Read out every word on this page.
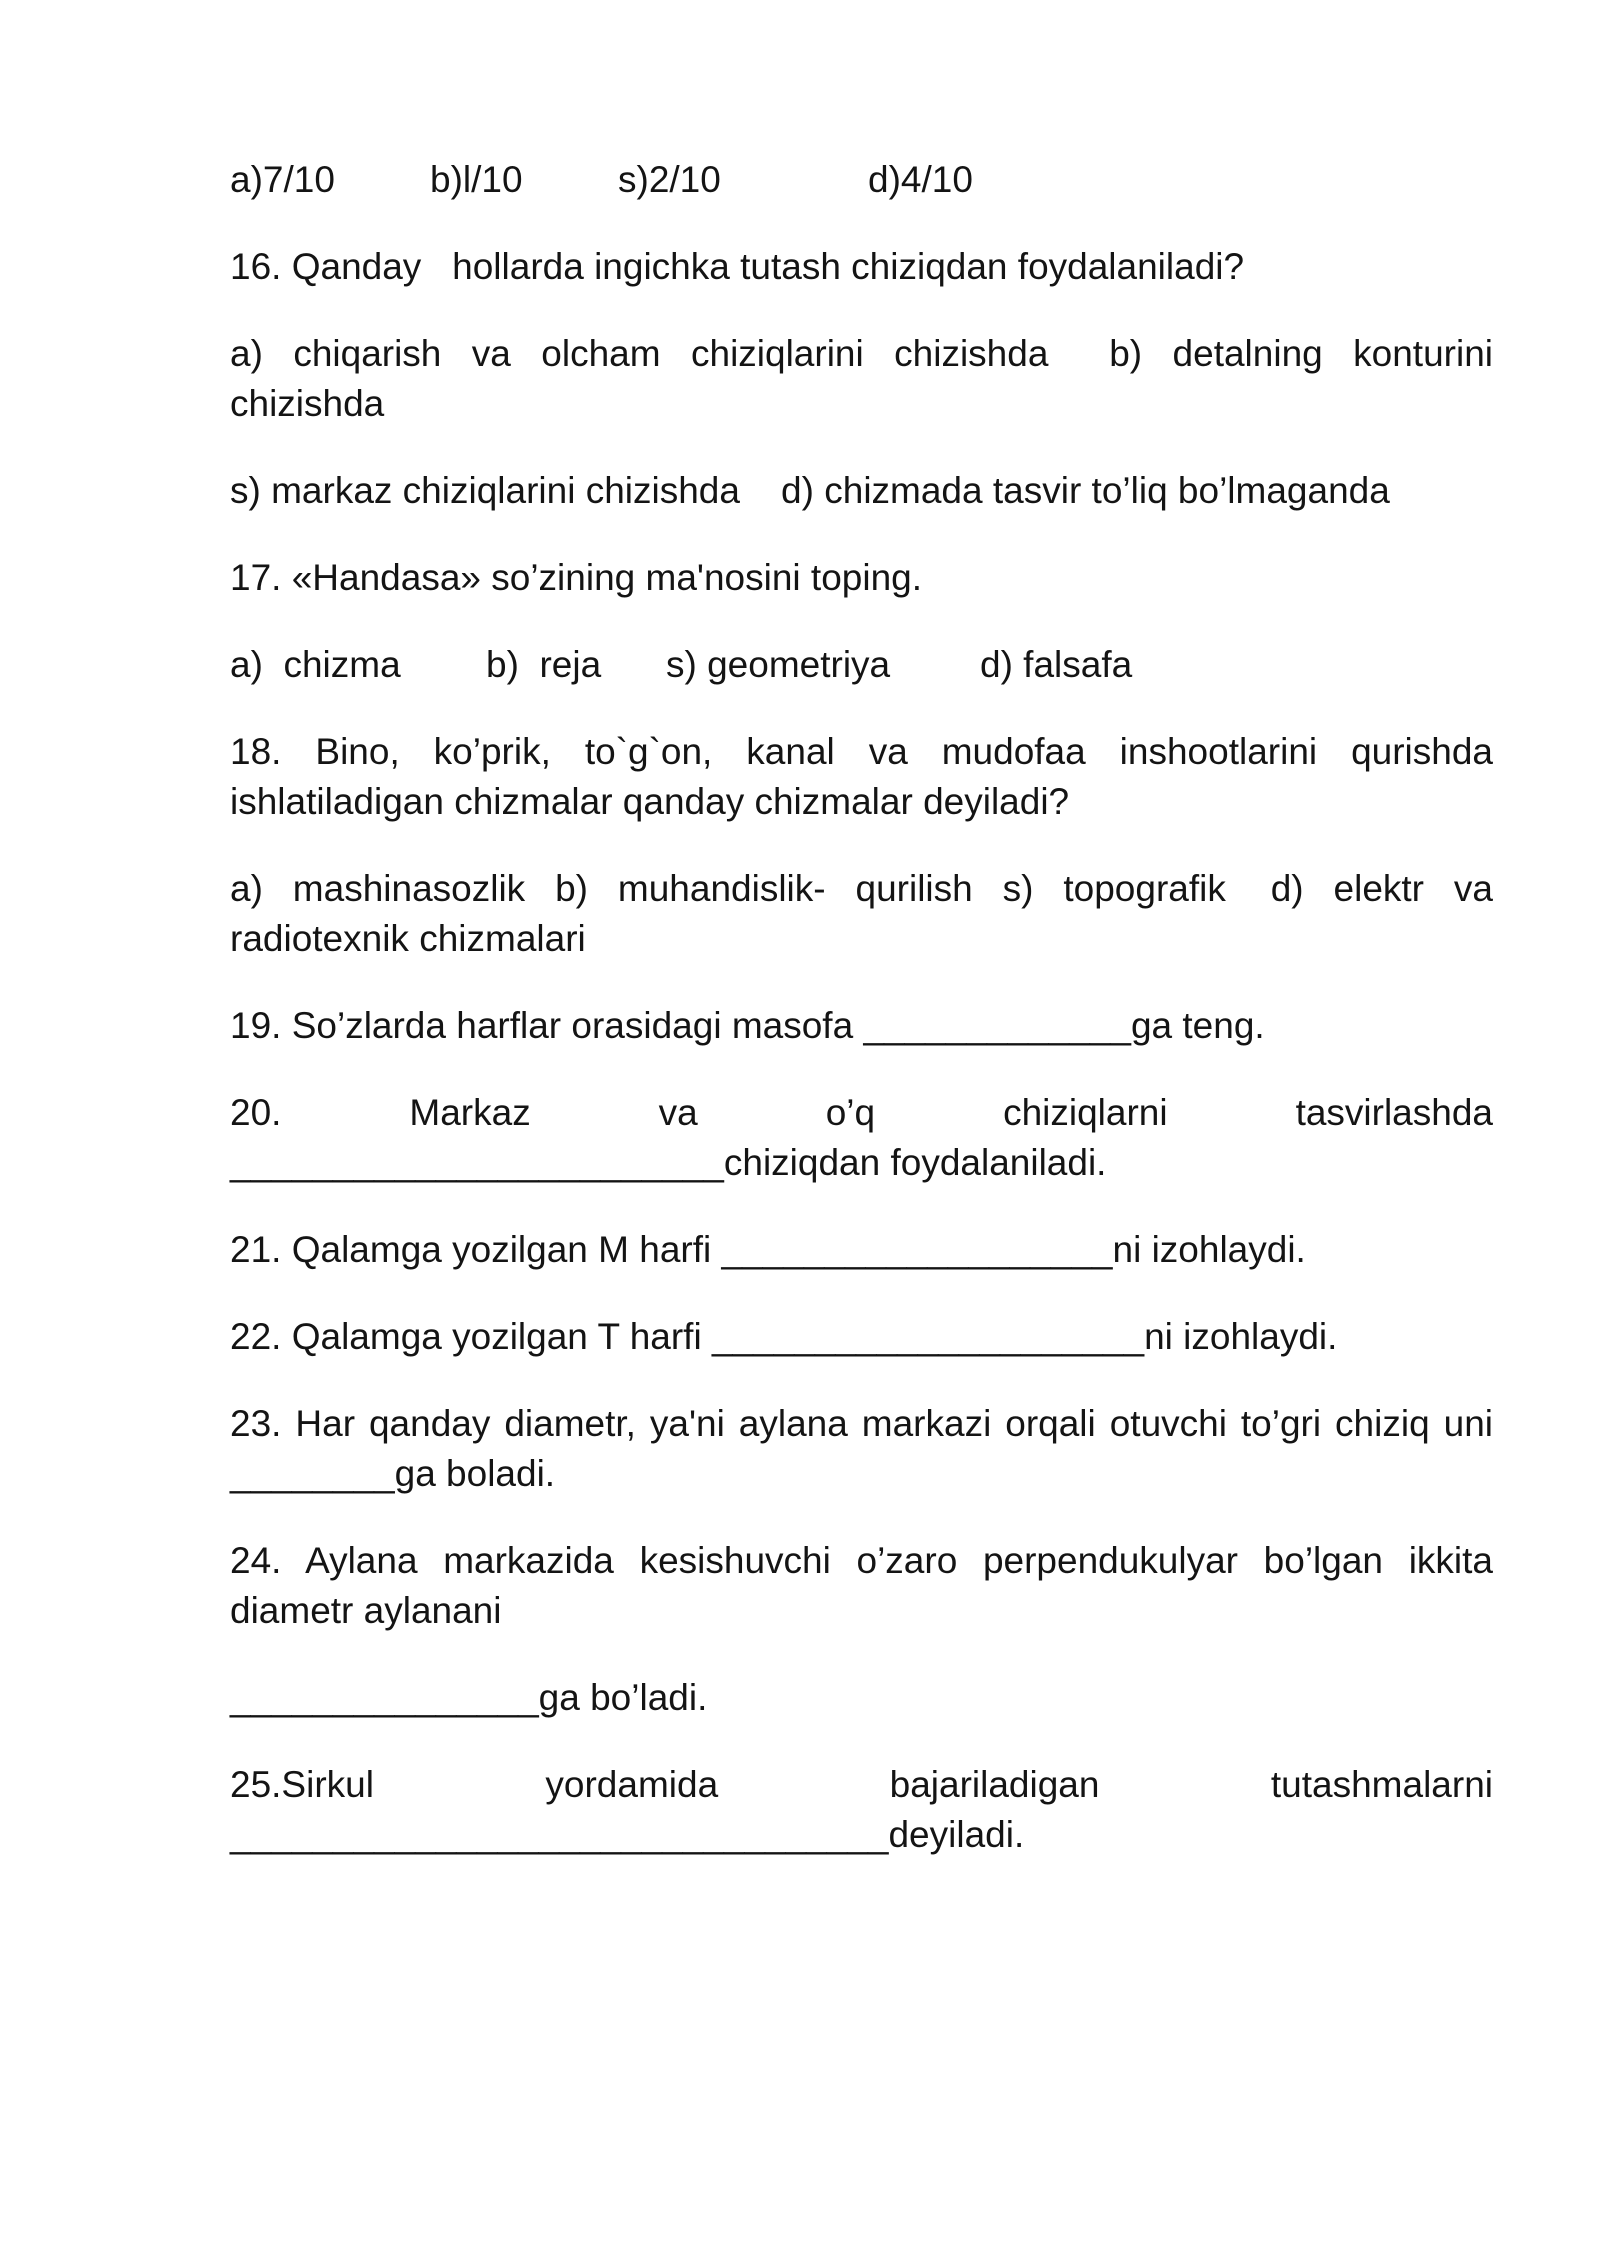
a)7/10	b)l/10	s)2/10	d)4/10

16. Qanday   hollarda ingichka tutash chiziqdan foydalaniladi?

a)  chiqarish  va  olcham  chiziqlarini  chizishda    b)  detalning  konturini chizishda

s) markaz chiziqlarini chizishda    d) chizmada tasvir to’liq bo’lmaganda

17. «Handasa» so’zining ma'nosini toping.

a)  chizma	b)  reja	s) geometriya	d) falsafa

18.  Bino,  ko’prik,  to`g`on,  kanal  va  mudofaa  inshootlarini  qurishda ishlatiladigan chizmalar qanday chizmalar deyiladi?

a)  mashinasozlik  b)  muhandislik-  qurilish  s)  topografik   d)  elektr  va radiotexnik chizmalari

19. So’zlarda harflar orasidagi masofa _____________ga teng.

20.          Markaz          va          o’q          chiziqlarni          tasvirlashda ________________________chiziqdan foydalaniladi.

21. Qalamga yozilgan M harfi ___________________ni izohlaydi.

22. Qalamga yozilgan T harfi _____________________ni izohlaydi.

23. Har qanday diametr, ya'ni aylana markazi orqali otuvchi to’gri chiziq uni ________ga boladi.

24.  Aylana  markazida  kesishuvchi  o’zaro  perpendukulyar  bo’lgan  ikkita diametr aylanani

_______________ga bo’ladi.

25.Sirkul          yordamida          bajariladigan          tutashmalarni ________________________________deyiladi.
